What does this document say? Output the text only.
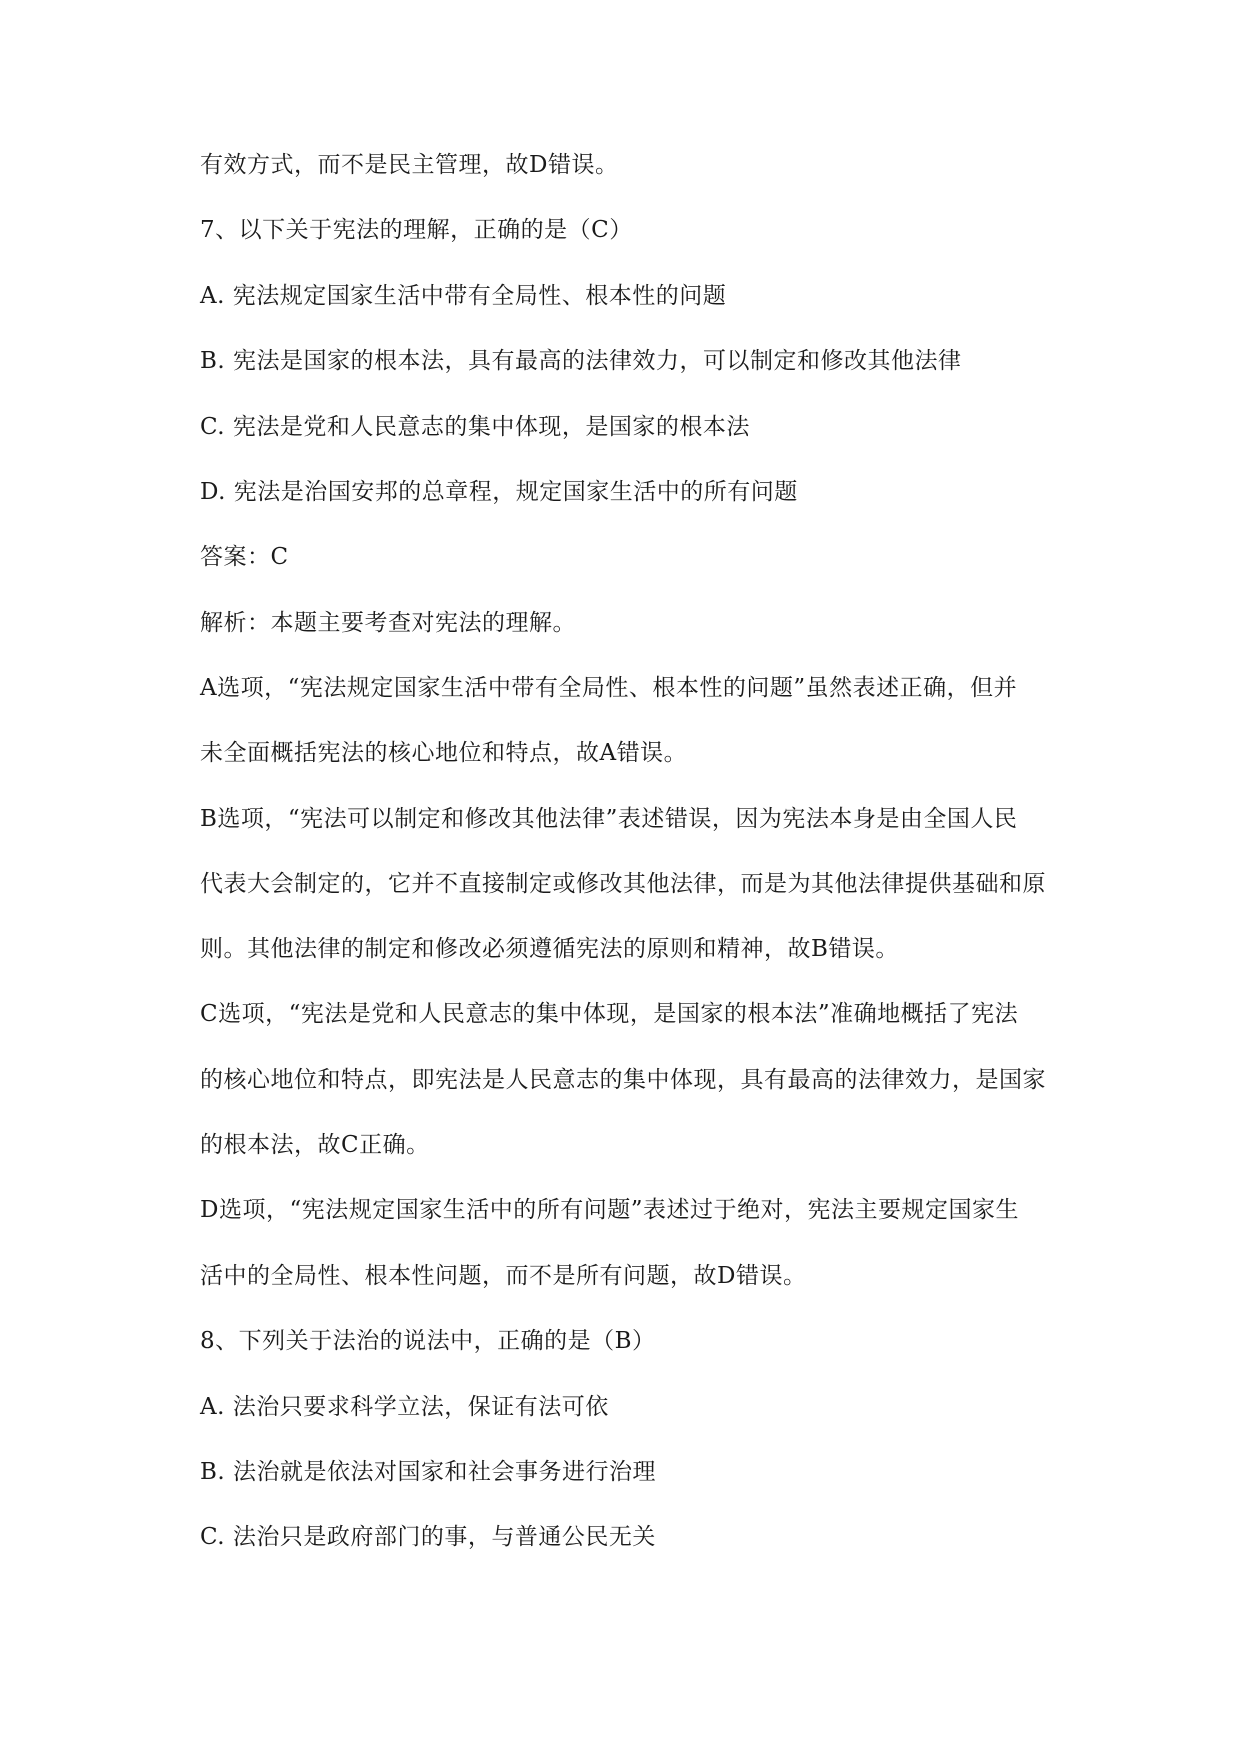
有效方式，而不是民主管理，故D错误。

7、以下关于宪法的理解，正确的是（C）

A. 宪法规定国家生活中带有全局性、根本性的问题

B. 宪法是国家的根本法，具有最高的法律效力，可以制定和修改其他法律

C. 宪法是党和人民意志的集中体现，是国家的根本法

D. 宪法是治国安邦的总章程，规定国家生活中的所有问题

答案：C

解析：本题主要考查对宪法的理解。

A选项，“宪法规定国家生活中带有全局性、根本性的问题”虽然表述正确，但并

未全面概括宪法的核心地位和特点，故A错误。

B选项，“宪法可以制定和修改其他法律”表述错误，因为宪法本身是由全国人民

代表大会制定的，它并不直接制定或修改其他法律，而是为其他法律提供基础和原

则。其他法律的制定和修改必须遵循宪法的原则和精神，故B错误。

C选项，“宪法是党和人民意志的集中体现，是国家的根本法”准确地概括了宪法

的核心地位和特点，即宪法是人民意志的集中体现，具有最高的法律效力，是国家

的根本法，故C正确。

D选项，“宪法规定国家生活中的所有问题”表述过于绝对，宪法主要规定国家生

活中的全局性、根本性问题，而不是所有问题，故D错误。

8、下列关于法治的说法中，正确的是（B）

A. 法治只要求科学立法，保证有法可依

B. 法治就是依法对国家和社会事务进行治理

C. 法治只是政府部门的事，与普通公民无关
